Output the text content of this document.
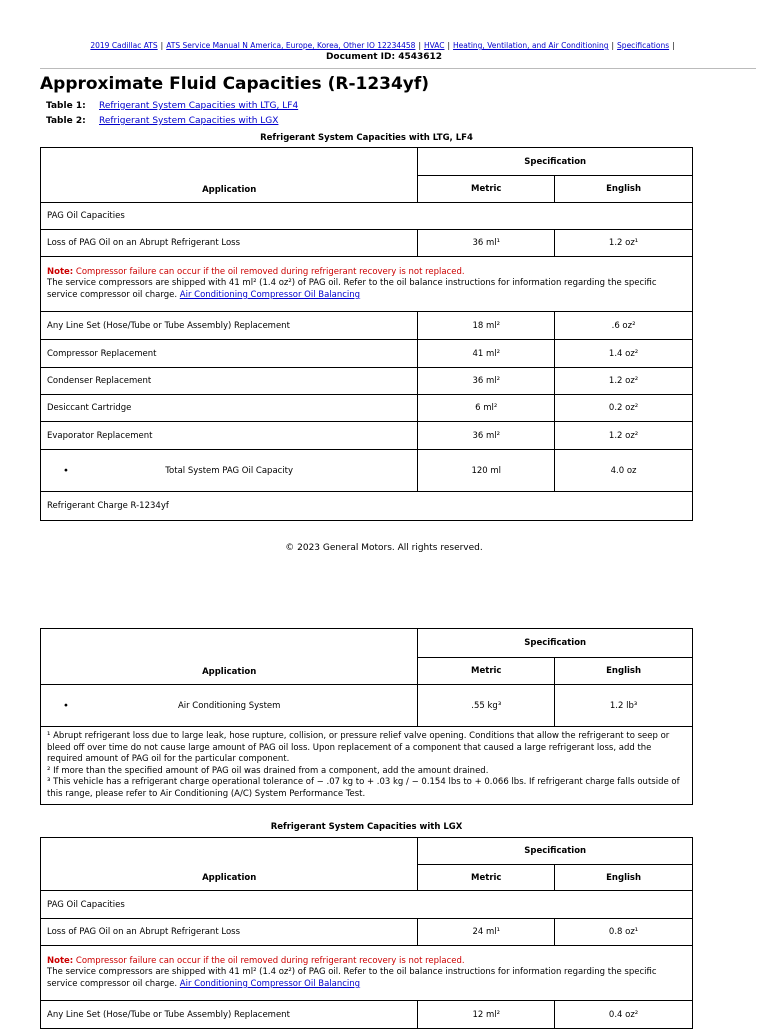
2019 Cadillac ATS | ATS Service Manual N America, Europe, Korea, Other IO 12234458 | HVAC | Heating, Ventilation, and Air Conditioning | Specifications |
Document ID: 4543612
Approximate Fluid Capacities (R-1234yf)
Table 1: Refrigerant System Capacities with LTG, LF4
Table 2: Refrigerant System Capacities with LGX
Refrigerant System Capacities with LTG, LF4
Application	Specification	
	Metric	English
PAG Oil Capacities		
Loss of PAG Oil on an Abrupt Refrigerant Loss	36 ml¹	1.2 oz¹
Note: Compressor failure can occur if the oil removed during refrigerant recovery is not replaced.
The service compressors are shipped with 41 ml² (1.4 oz²) of PAG oil. Refer to the oil balance instructions for information regarding the specific service compressor oil charge. Air Conditioning Compressor Oil Balancing		
Any Line Set (Hose/Tube or Tube Assembly) Replacement	18 ml²	.6 oz²
Compressor Replacement	41 ml²	1.4 oz²
Condenser Replacement	36 ml²	1.2 oz²
Desiccant Cartridge	6 ml²	0.2 oz²
Evaporator Replacement	36 ml²	1.2 oz²

• Total System PAG Oil Capacity	120 ml	4.0 oz
Refrigerant Charge R-1234yf		
© 2023 General Motors. All rights reserved.
Application	Specification	
	Metric	English

• Air Conditioning System	.55 kg³	1.2 lb³

¹ Abrupt refrigerant loss due to large leak, hose rupture, collision, or pressure relief valve opening. Conditions that allow the refrigerant to seep or bleed off over time do not cause large amount of PAG oil loss. Upon replacement of a component that caused a large refrigerant loss, add the required amount of PAG oil for the particular component.
² If more than the specified amount of PAG oil was drained from a component, add the amount drained.
³ This vehicle has a refrigerant charge operational tolerance of − .07 kg to + .03 kg / − 0.154 lbs to + 0.066 lbs. If refrigerant charge falls outside of this range, please refer to Air Conditioning (A/C) System Performance Test.		
Refrigerant System Capacities with LGX
Application	Specification	
	Metric	English
PAG Oil Capacities		
Loss of PAG Oil on an Abrupt Refrigerant Loss	24 ml¹	0.8 oz¹
Note: Compressor failure can occur if the oil removed during refrigerant recovery is not replaced.
The service compressors are shipped with 41 ml² (1.4 oz²) of PAG oil. Refer to the oil balance instructions for information regarding the specific service compressor oil charge. Air Conditioning Compressor Oil Balancing		
Any Line Set (Hose/Tube or Tube Assembly) Replacement	12 ml²	0.4 oz²
